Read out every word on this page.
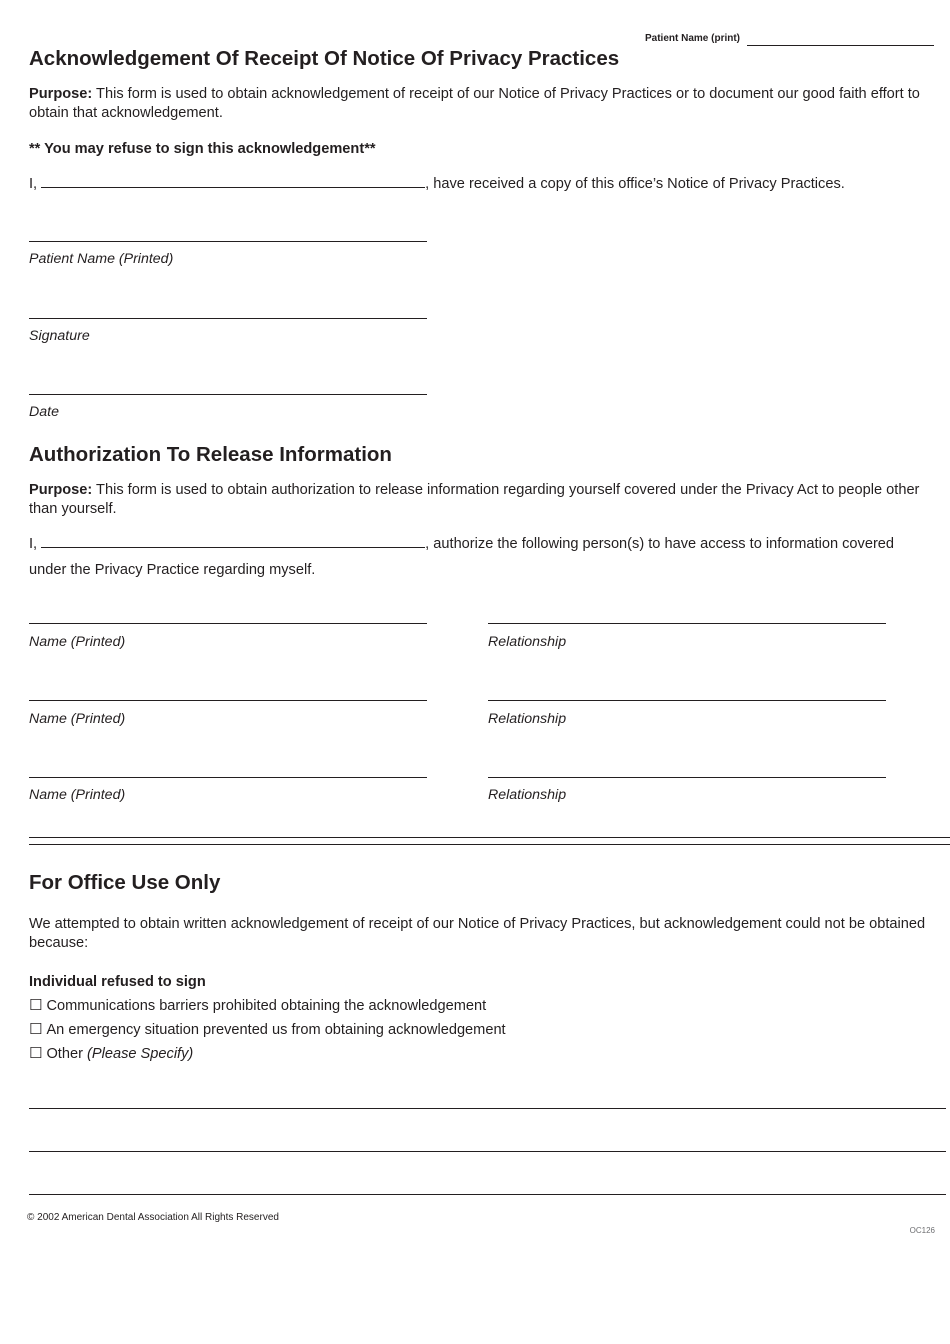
Patient Name (print)
Acknowledgement Of Receipt Of Notice Of Privacy Practices
Purpose: This form is used to obtain acknowledgement of receipt of our Notice of Privacy Practices or to document our good faith effort to obtain that acknowledgement.
** You may refuse to sign this acknowledgement**
I,	, have received a copy of this office’s Notice of Privacy Practices.
Patient Name (Printed)
Signature
Date
Authorization To Release Information
Purpose: This form is used to obtain authorization to release information regarding yourself covered under the Privacy Act to people other than yourself.
I,	, authorize the following person(s) to have access to information covered
under the Privacy Practice regarding myself.
Name (Printed)	Relationship
Name (Printed)	Relationship
Name (Printed)	Relationship
For Office Use Only
We attempted to obtain written acknowledgement of receipt of our Notice of Privacy Practices, but acknowledgement could not be obtained because:
Individual refused to sign
☐ Communications barriers prohibited obtaining the acknowledgement
☐ An emergency situation prevented us from obtaining acknowledgement
☐ Other (Please Specify)
© 2002 American Dental Association All Rights Reserved
OC126
